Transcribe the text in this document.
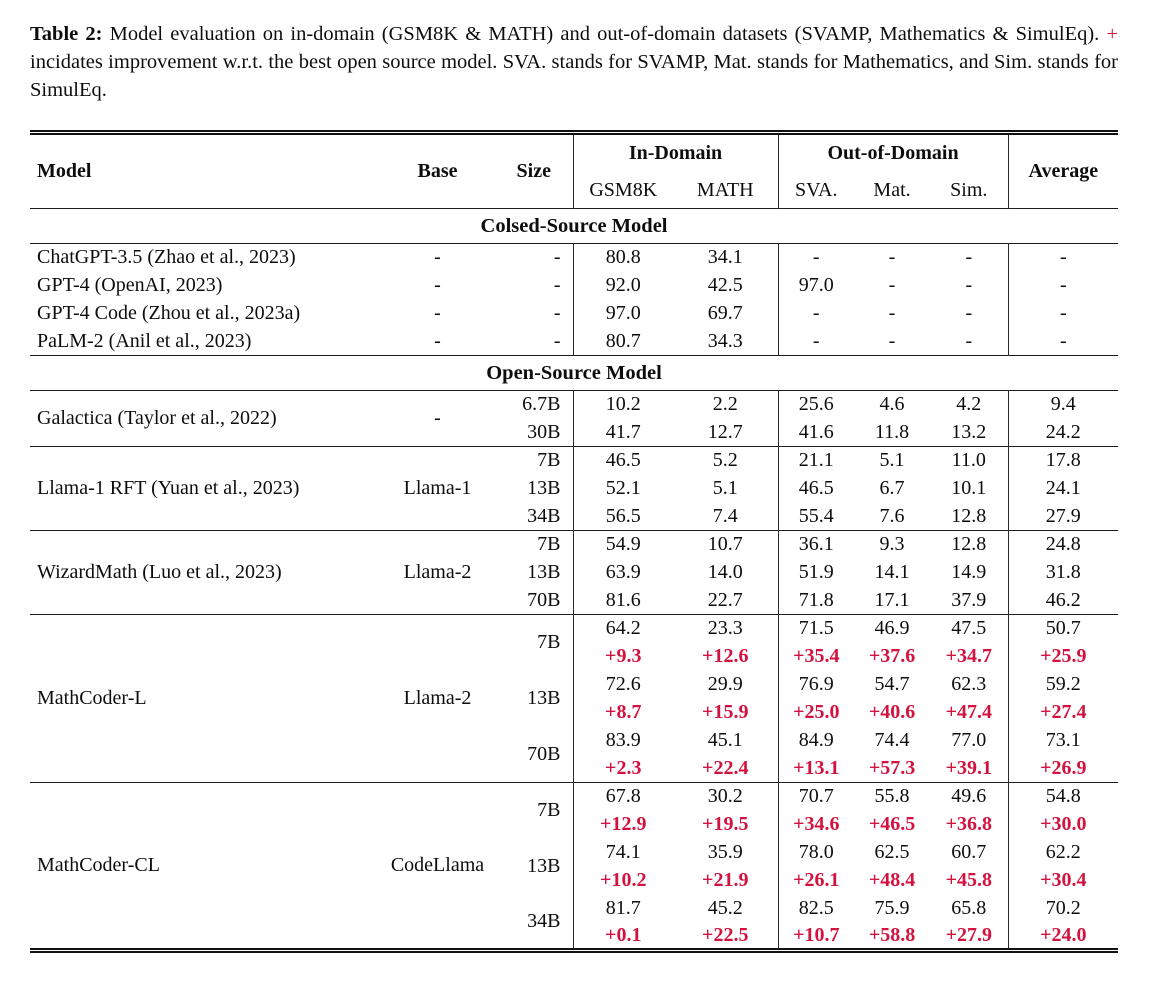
Table 2: Model evaluation on in-domain (GSM8K & MATH) and out-of-domain datasets (SVAMP, Mathematics & SimulEq). + incidates improvement w.r.t. the best open source model. SVA. stands for SVAMP, Mat. stands for Mathematics, and Sim. stands for SimulEq.

Model	Base	Size	In-Domain		Out-of-Domain			Average
			GSM8K	MATH	SVA.	Mat.	Sim.	
Colsed-Source Model								
ChatGPT-3.5 (Zhao et al., 2023)	-	-	80.8	34.1	-	-	-	-
GPT-4 (OpenAI, 2023)	-	-	92.0	42.5	97.0	-	-	-
GPT-4 Code (Zhou et al., 2023a)	-	-	97.0	69.7	-	-	-	-
PaLM-2 (Anil et al., 2023)	-	-	80.7	34.3	-	-	-	-
Open-Source Model								
Galactica (Taylor et al., 2022)	-	6.7B	10.2	2.2	25.6	4.6	4.2	9.4
		30B	41.7	12.7	41.6	11.8	13.2	24.2
Llama-1 RFT (Yuan et al., 2023)	Llama-1	7B	46.5	5.2	21.1	5.1	11.0	17.8
		13B	52.1	5.1	46.5	6.7	10.1	24.1
		34B	56.5	7.4	55.4	7.6	12.8	27.9
WizardMath (Luo et al., 2023)	Llama-2	7B	54.9	10.7	36.1	9.3	12.8	24.8
		13B	63.9	14.0	51.9	14.1	14.9	31.8
		70B	81.6	22.7	71.8	17.1	37.9	46.2
MathCoder-L	Llama-2	7B	64.2	23.3	71.5	46.9	47.5	50.7
			+9.3	+12.6	+35.4	+37.6	+34.7	+25.9
		13B	72.6	29.9	76.9	54.7	62.3	59.2
			+8.7	+15.9	+25.0	+40.6	+47.4	+27.4
		70B	83.9	45.1	84.9	74.4	77.0	73.1
			+2.3	+22.4	+13.1	+57.3	+39.1	+26.9
MathCoder-CL	CodeLlama	7B	67.8	30.2	70.7	55.8	49.6	54.8
			+12.9	+19.5	+34.6	+46.5	+36.8	+30.0
		13B	74.1	35.9	78.0	62.5	60.7	62.2
			+10.2	+21.9	+26.1	+48.4	+45.8	+30.4
		34B	81.7	45.2	82.5	75.9	65.8	70.2
			+0.1	+22.5	+10.7	+58.8	+27.9	+24.0
